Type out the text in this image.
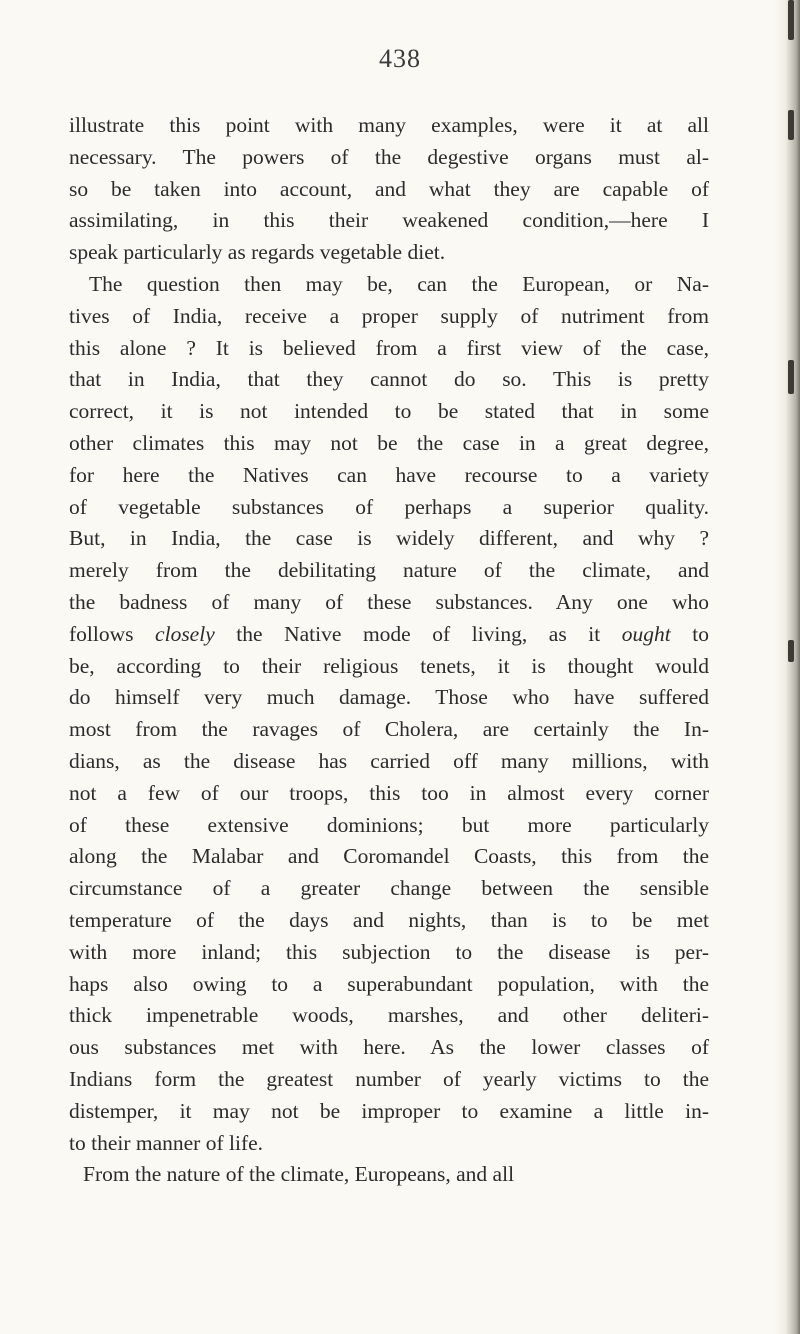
438
illustrate this point with many examples, were it at all
necessary. The powers of the degestive organs must al-
so be taken into account, and what they are capable of
assimilating, in this their weakened condition,—here I
speak particularly as regards vegetable diet.
The question then may be, can the European, or Na-
tives of India, receive a proper supply of nutriment from
this alone ? It is believed from a first view of the case,
that in India, that they cannot do so. This is pretty
correct, it is not intended to be stated that in some
other climates this may not be the case in a great degree,
for here the Natives can have recourse to a variety
of vegetable substances of perhaps a superior quality.
But, in India, the case is widely different, and why ?
merely from the debilitating nature of the climate, and
the badness of many of these substances. Any one who
follows closely the Native mode of living, as it ought to
be, according to their religious tenets, it is thought would
do himself very much damage. Those who have suffered
most from the ravages of Cholera, are certainly the In-
dians, as the disease has carried off many millions, with
not a few of our troops, this too in almost every corner
of these extensive dominions; but more particularly
along the Malabar and Coromandel Coasts, this from the
circumstance of a greater change between the sensible
temperature of the days and nights, than is to be met
with more inland; this subjection to the disease is per-
haps also owing to a superabundant population, with the
thick impenetrable woods, marshes, and other deliteri-
ous substances met with here. As the lower classes of
Indians form the greatest number of yearly victims to the
distemper, it may not be improper to examine a little in-
to their manner of life.
From the nature of the climate, Europeans, and all
